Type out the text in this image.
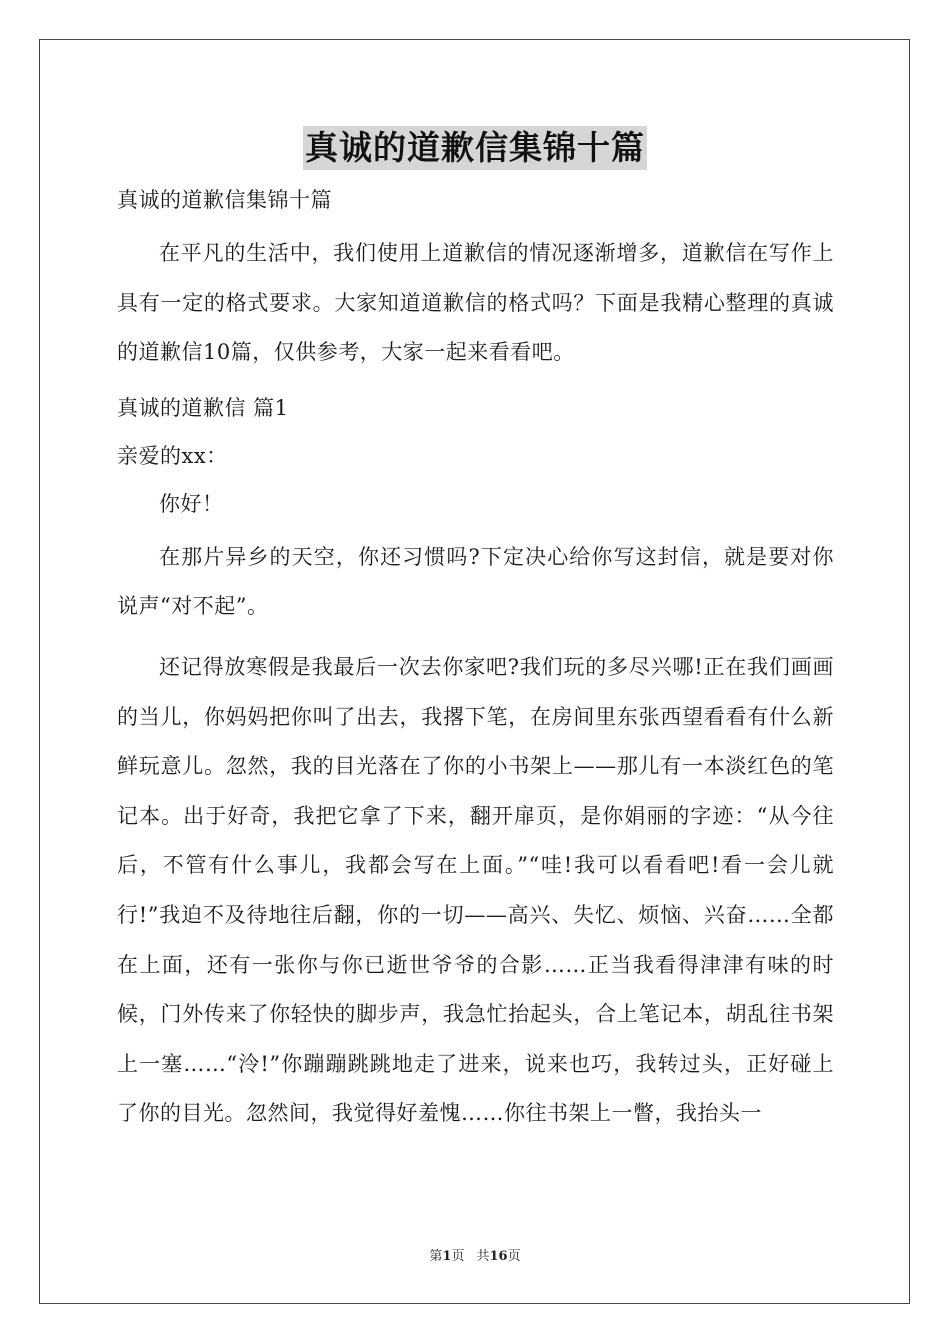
真诚的道歉信集锦十篇

真诚的道歉信集锦十篇

在平凡的生活中，我们使用上道歉信的情况逐渐增多，道歉信在写作上具有一定的格式要求。大家知道道歉信的格式吗？下面是我精心整理的真诚的道歉信10篇，仅供参考，大家一起来看看吧。

真诚的道歉信 篇1

亲爱的xx：

你好！

在那片异乡的天空，你还习惯吗?下定决心给你写这封信，就是要对你说声“对不起”。

还记得放寒假是我最后一次去你家吧?我们玩的多尽兴哪!正在我们画画的当儿，你妈妈把你叫了出去，我撂下笔，在房间里东张西望看看有什么新鲜玩意儿。忽然，我的目光落在了你的小书架上——那儿有一本淡红色的笔记本。出于好奇，我把它拿了下来，翻开扉页，是你娟丽的字迹：“从今往后，不管有什么事儿，我都会写在上面。”“哇!我可以看看吧!看一会儿就行!”我迫不及待地往后翻，你的一切——高兴、失忆、烦恼、兴奋……全都在上面，还有一张你与你已逝世爷爷的合影……正当我看得津津有味的时候，门外传来了你轻快的脚步声，我急忙抬起头，合上笔记本，胡乱往书架上一塞……“泠!”你蹦蹦跳跳地走了进来，说来也巧，我转过头，正好碰上了你的目光。忽然间，我觉得好羞愧……你往书架上一瞥，我抬头一

第1页 共16页
